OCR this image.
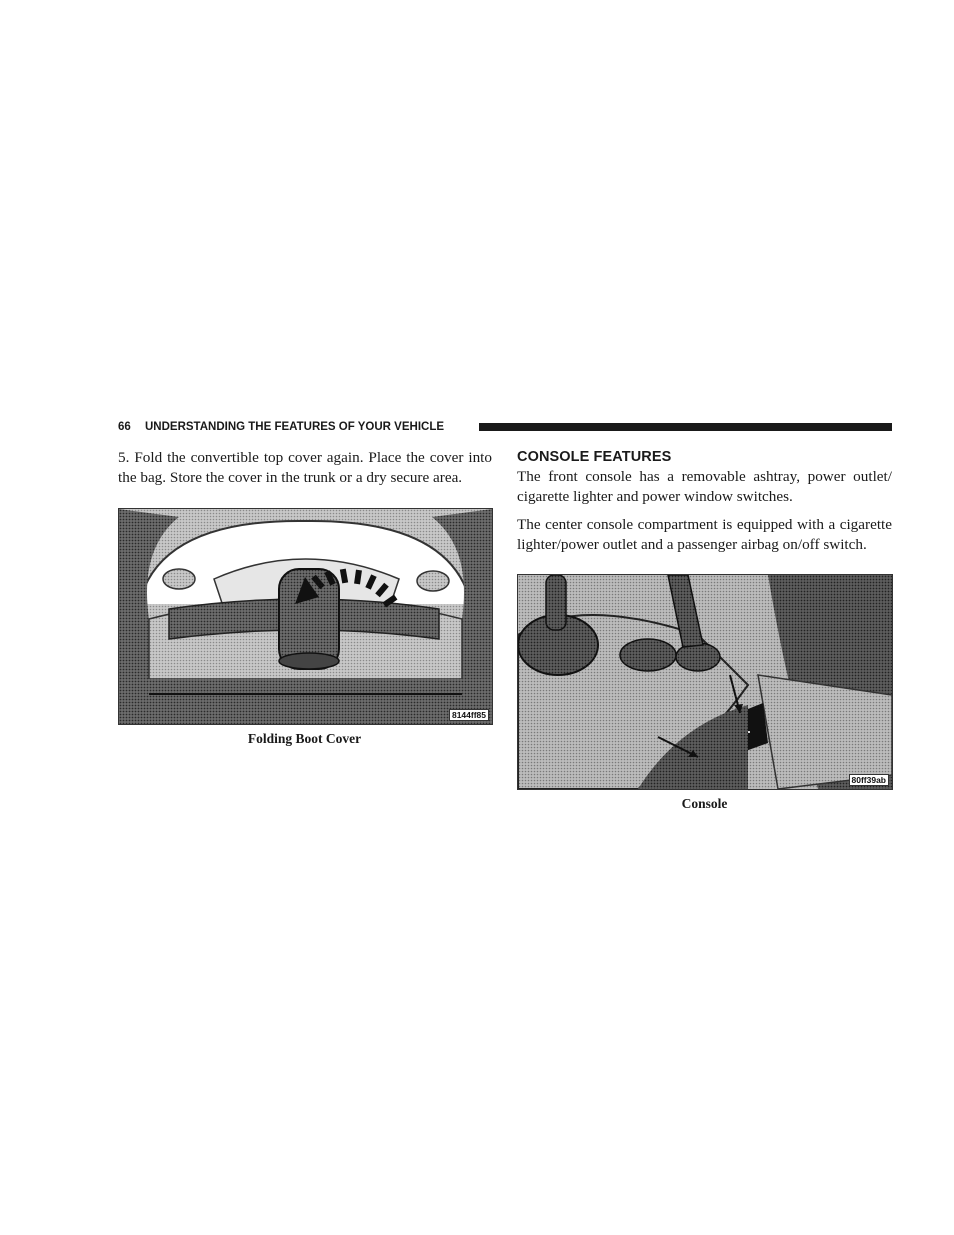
66 UNDERSTANDING THE FEATURES OF YOUR VEHICLE

5. Fold the convertible top cover again. Place the cover into the bag. Store the cover in the trunk or a dry secure area.

8144ff85
Folding Boot Cover
CONSOLE FEATURES

The front console has a removable ashtray, power outlet/ cigarette lighter and power window switches.

The center console compartment is equipped with a cigarette lighter/power outlet and a passenger airbag on/off switch.

80ff39ab
Console
